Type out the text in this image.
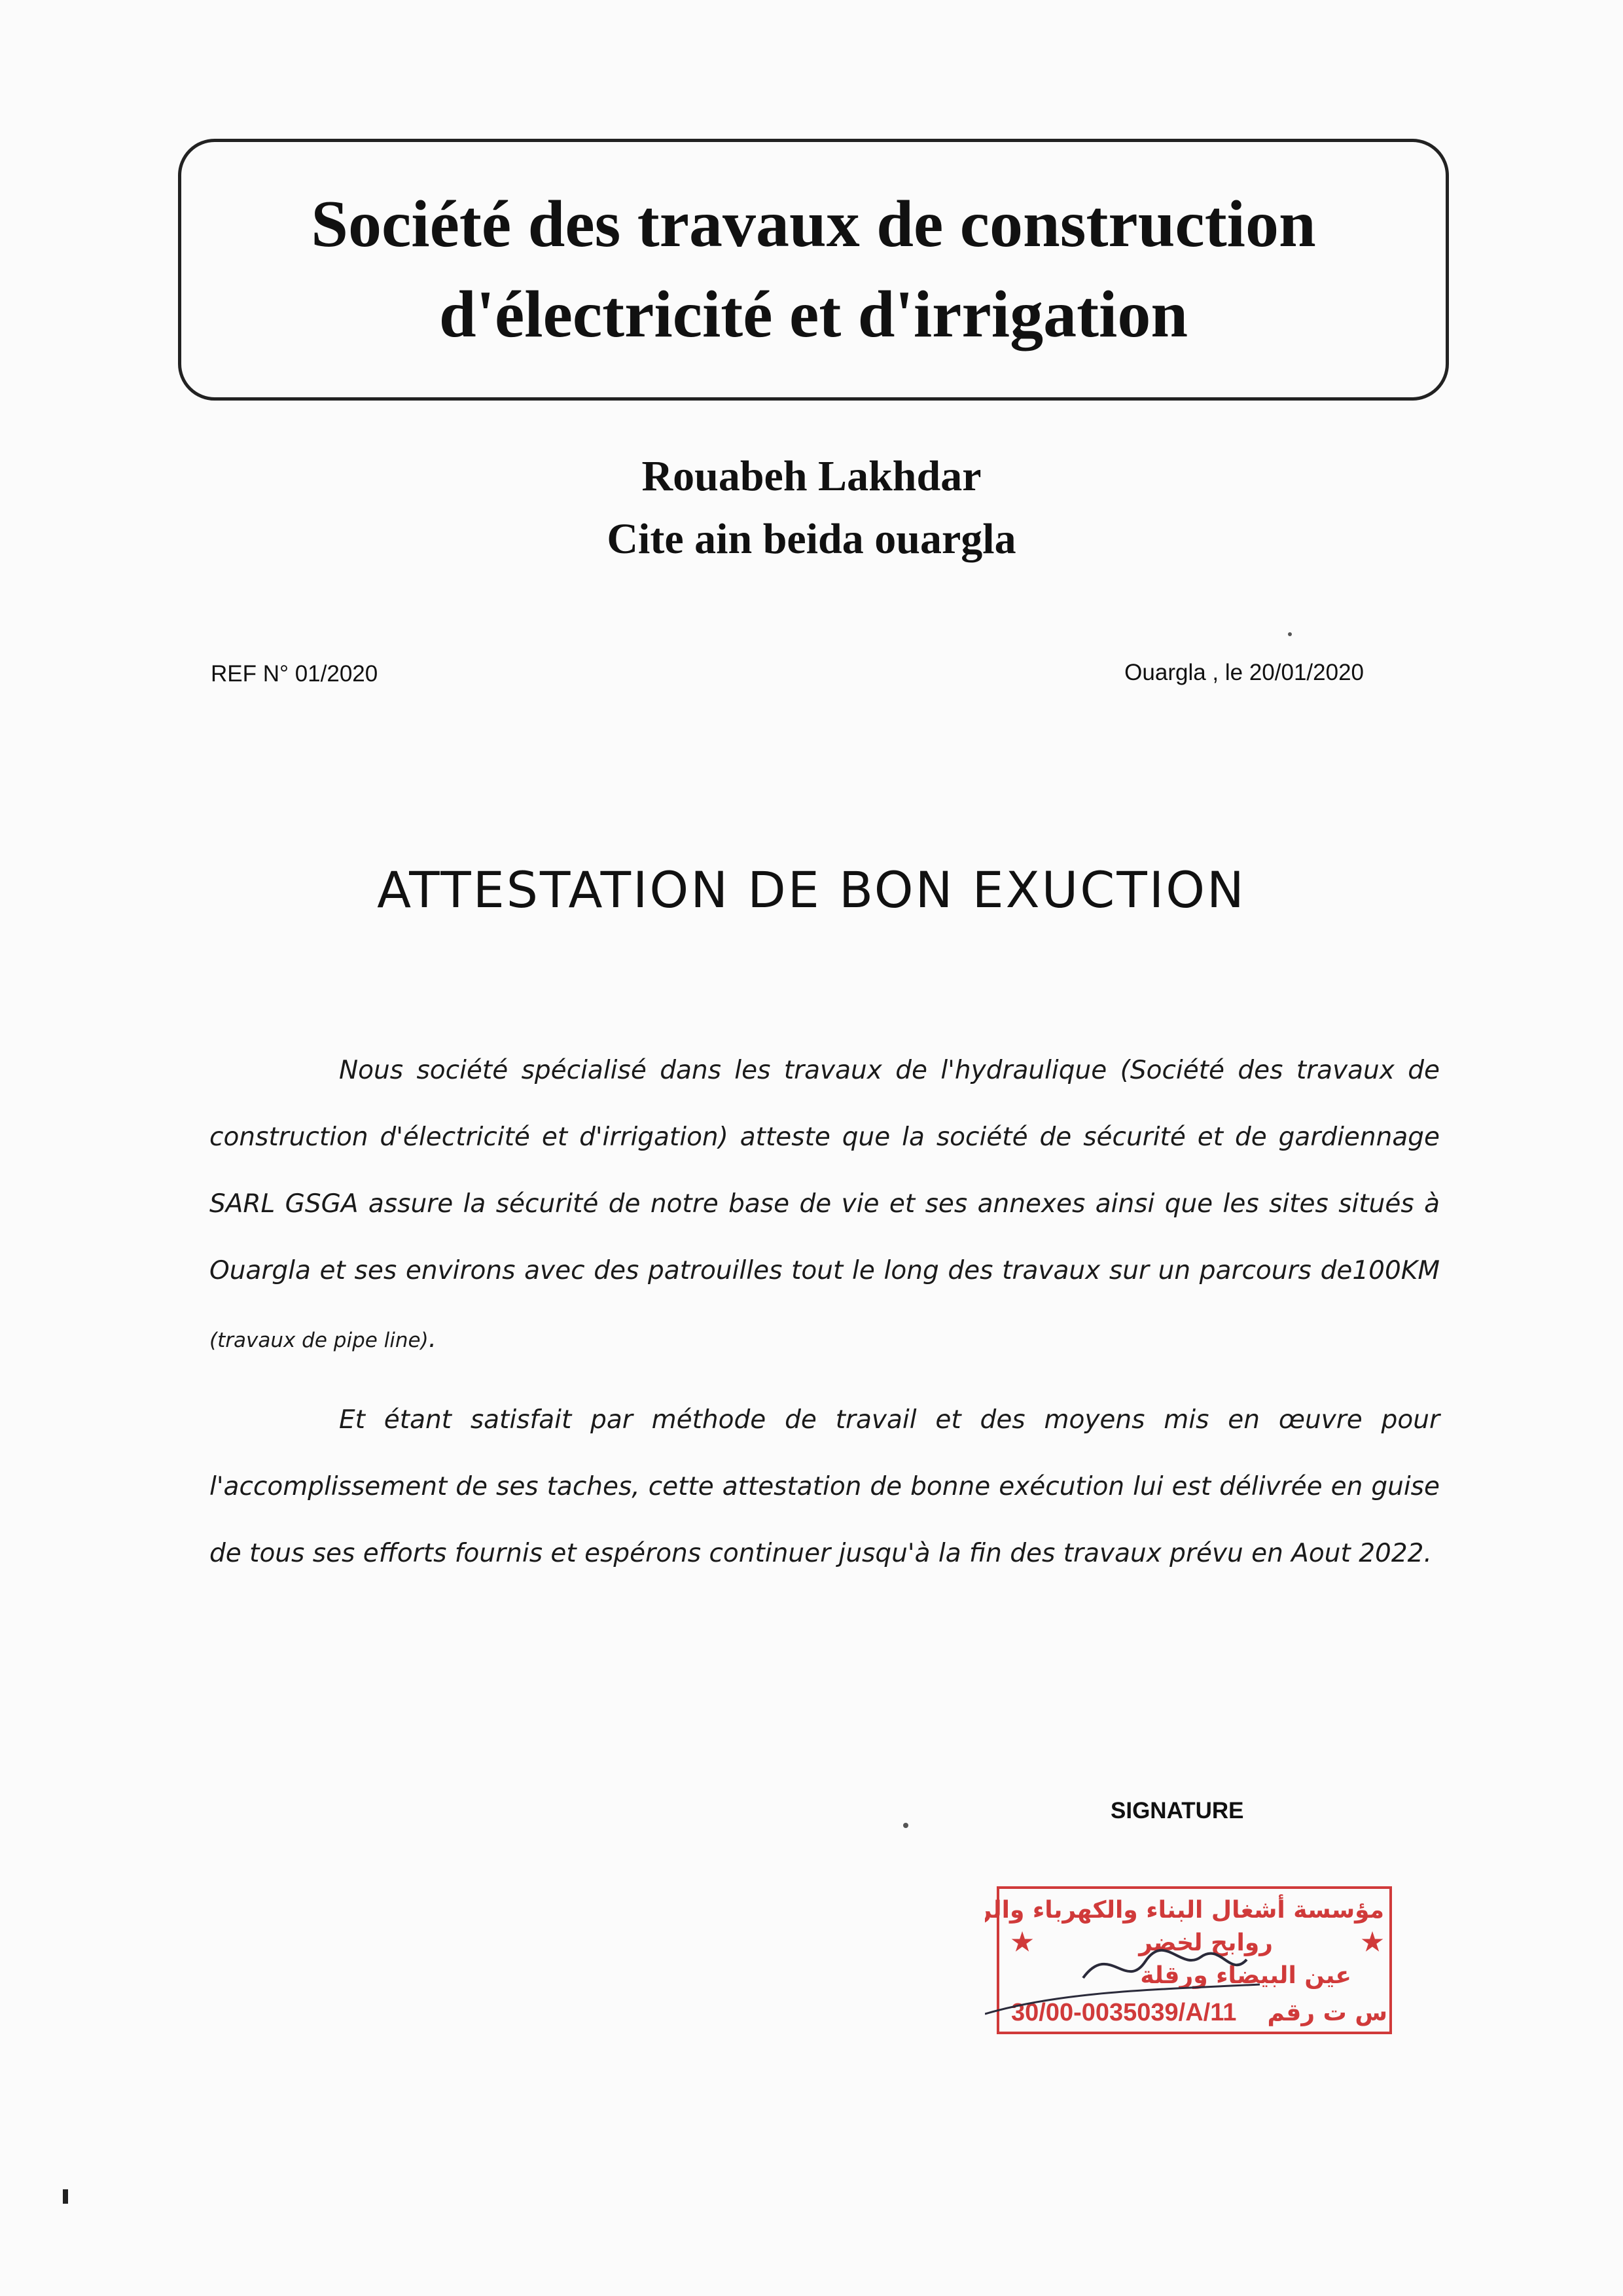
Société des travaux de construction
d'électricité et d'irrigation
Rouabeh Lakhdar
Cite ain beida ouargla
REF N° 01/2020	Ouargla , le 20/01/2020
ATTESTATION DE BON EXUCTION

Nous société spécialisé dans les travaux de l'hydraulique (Société des travaux de construction d'électricité et d'irrigation) atteste que la société de sécurité et de gardiennage SARL GSGA assure la sécurité de notre base de vie et ses annexes ainsi que les sites situés à Ouargla et ses environs avec des patrouilles tout le long des travaux sur un parcours de100KM (travaux de pipe line).

Et étant satisfait par méthode de travail et des moyens mis en œuvre pour l'accomplissement de ses taches, cette attestation de bonne exécution lui est délivrée en guise de tous ses efforts fournis et espérons continuer jusqu'à la fin des travaux prévu en Aout 2022.

SIGNATURE
مؤسسة أشغال البناء والكهرباء والري
روابح لخضر
عين البيضاء ورقلة
★	★
س ت رقم
30/00-0035039/A/11
